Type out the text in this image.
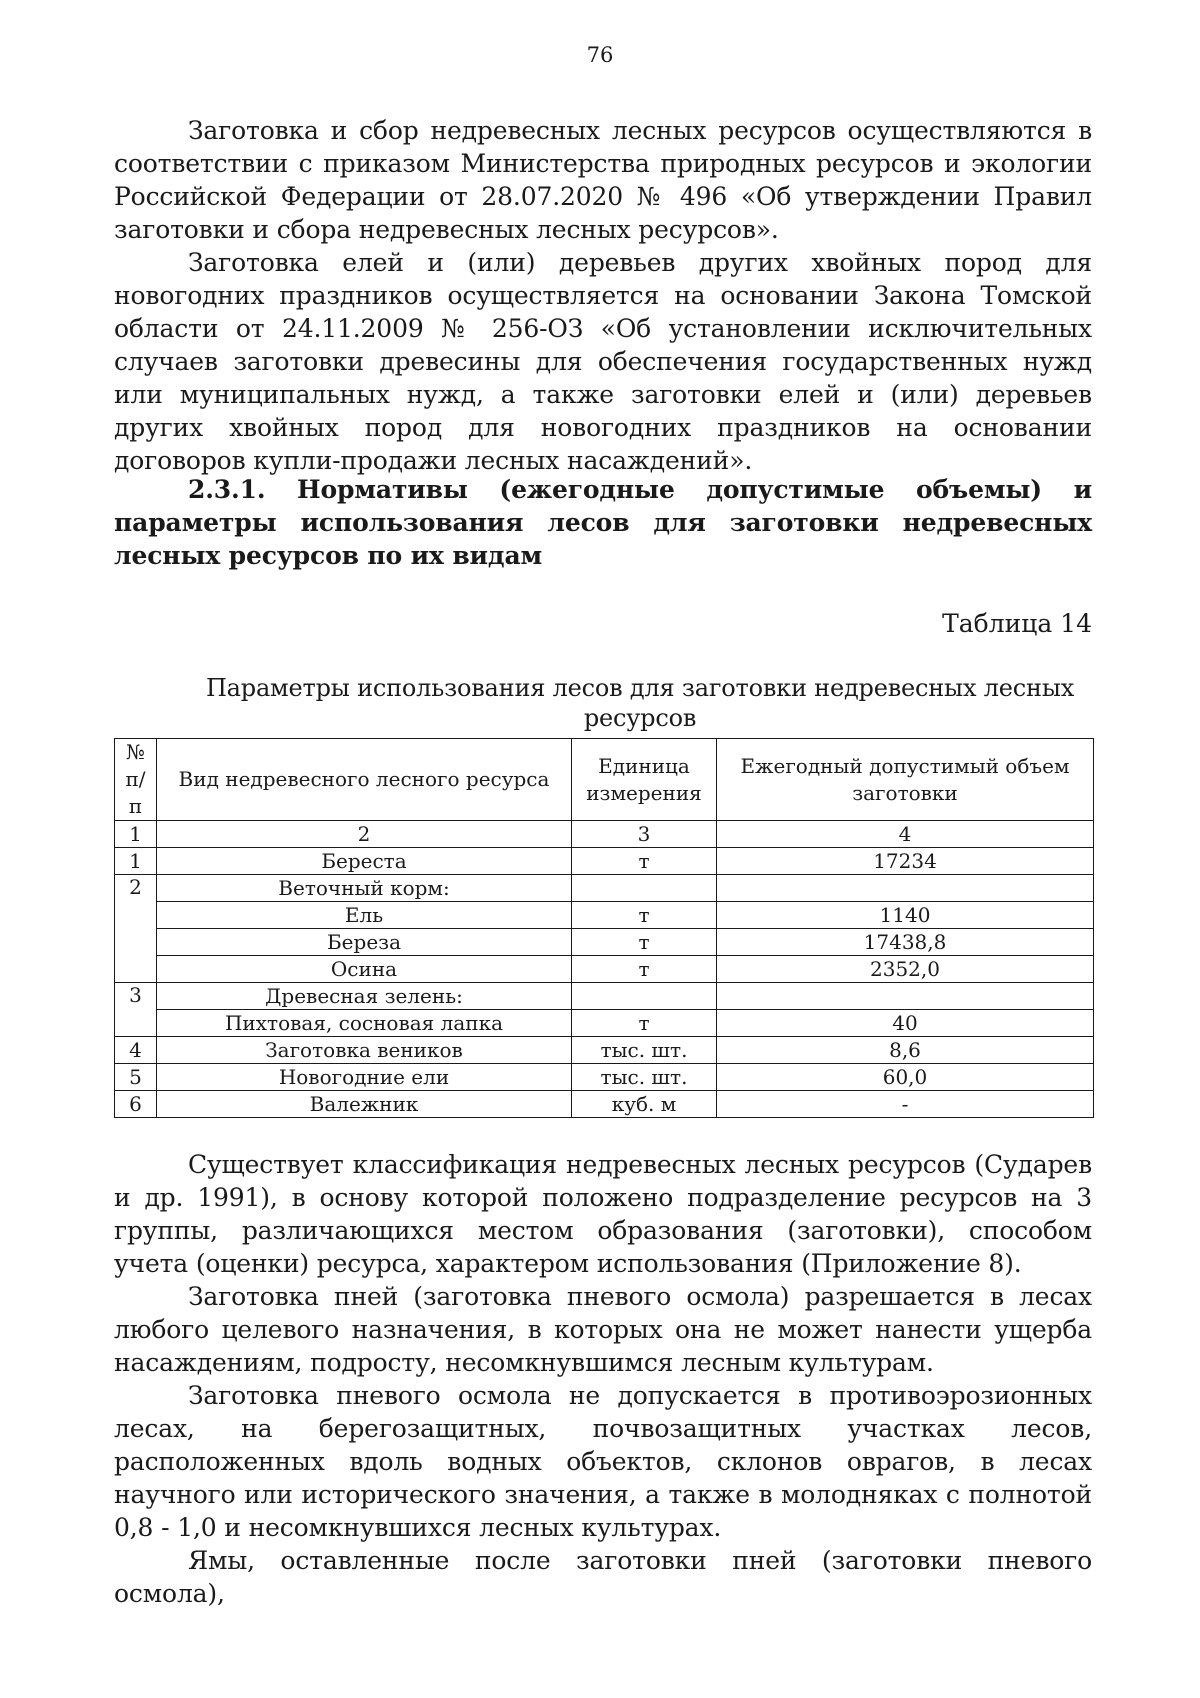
76

Заготовка и сбор недревесных лесных ресурсов осуществляются в соответствии с приказом Министерства природных ресурсов и экологии Российской Федерации от 28.07.2020 № 496 «Об утверждении Правил заготовки и сбора недревесных лесных ресурсов».

Заготовка елей и (или) деревьев других хвойных пород для новогодних праздников осуществляется на основании Закона Томской области от 24.11.2009 № 256-ОЗ «Об установлении исключительных случаев заготовки древесины для обеспечения государственных нужд или муниципальных нужд, а также заготовки елей и (или) деревьев других хвойных пород для новогодних праздников на основании договоров купли-продажи лесных насаждений».

2.3.1. Нормативы (ежегодные допустимые объемы) и параметры использования лесов для заготовки недревесных лесных ресурсов по их видам

Таблица 14
Параметры использования лесов для заготовки недревесных лесных ресурсов
№ п/п	Вид недревесного лесного ресурса	Единица измерения	Ежегодный допустимый объем заготовки
1	2	3	4
1	Береста	т	17234
2	Веточный корм:		
	Ель	т	1140
	Береза	т	17438,8
	Осина	т	2352,0
3	Древесная зелень:		
	Пихтовая, сосновая лапка	т	40
4	Заготовка веников	тыс. шт.	8,6
5	Новогодние ели	тыс. шт.	60,0
6	Валежник	куб. м	-

Существует классификация недревесных лесных ресурсов (Сударев и др. 1991), в основу которой положено подразделение ресурсов на 3 группы, различающихся местом образования (заготовки), способом учета (оценки) ресурса, характером использования (Приложение 8).

Заготовка пней (заготовка пневого осмола) разрешается в лесах любого целевого назначения, в которых она не может нанести ущерба насаждениям, подросту, несомкнувшимся лесным культурам.

Заготовка пневого осмола не допускается в противоэрозионных лесах, на берегозащитных, почвозащитных участках лесов, расположенных вдоль водных объектов, склонов оврагов, в лесах научного или исторического значения, а также в молодняках с полнотой 0,8 - 1,0 и несомкнувшихся лесных культурах.

Ямы, оставленные после заготовки пней (заготовки пневого осмола),
